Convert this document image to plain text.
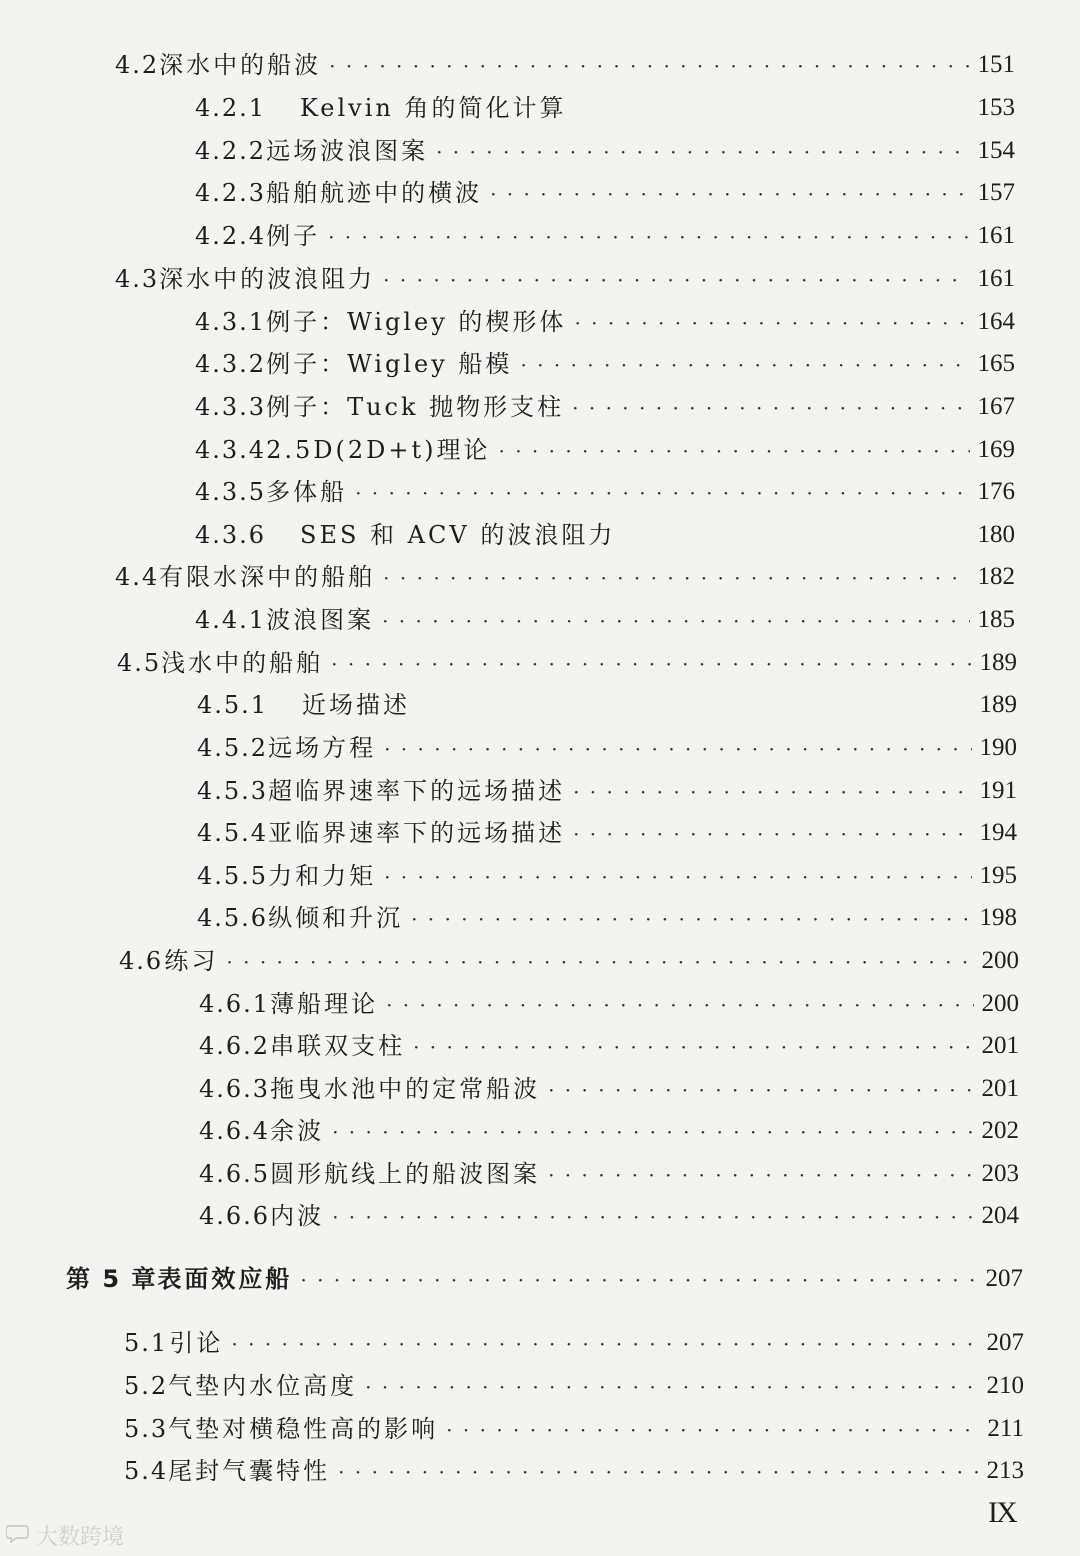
4.2 深水中的船波 · · ·	151
4.2.1	Kelvin 角的简化计算	153
4.2.2 远场波浪图案 · · ·	154
4.2.3 船舶航迹中的横波 · · ·	157
4.2.4 例子 · · ·	161
4.3 深水中的波浪阻力 · · ·	161
4.3.1 例子：Wigley 的楔形体 · · ·	164
4.3.2 例子：Wigley 船模 · · ·	165
4.3.3 例子：Tuck 抛物形支柱 · · ·	167
4.3.4 2.5D(2D+t)理论 · · ·	169
4.3.5 多体船 · · ·	176
4.3.6	SES 和 ACV 的波浪阻力	180
4.4 有限水深中的船舶 · · ·	182
4.4.1 波浪图案 · · ·	185
4.5 浅水中的船舶 · · ·	189
4.5.1	近场描述	189
4.5.2 远场方程 · · ·	190
4.5.3 超临界速率下的远场描述 · · ·	191
4.5.4 亚临界速率下的远场描述 · · ·	194
4.5.5 力和力矩 · · ·	195
4.5.6 纵倾和升沉 · · ·	198
4.6 练习 · · ·	200
4.6.1 薄船理论 · · ·	200
4.6.2 串联双支柱 · · ·	201
4.6.3 拖曳水池中的定常船波 · · ·	201
4.6.4 余波 · · ·	202
4.6.5 圆形航线上的船波图案 · · ·	203
4.6.6 内波 · · ·	204
第 5 章 表面效应船 · · ·	207
5.1 引论 · · ·	207
5.2 气垫内水位高度 · · ·	210
5.3 气垫对横稳性高的影响 · · ·	211
5.4 尾封气囊特性 · · ·	213
IX
大数跨境
